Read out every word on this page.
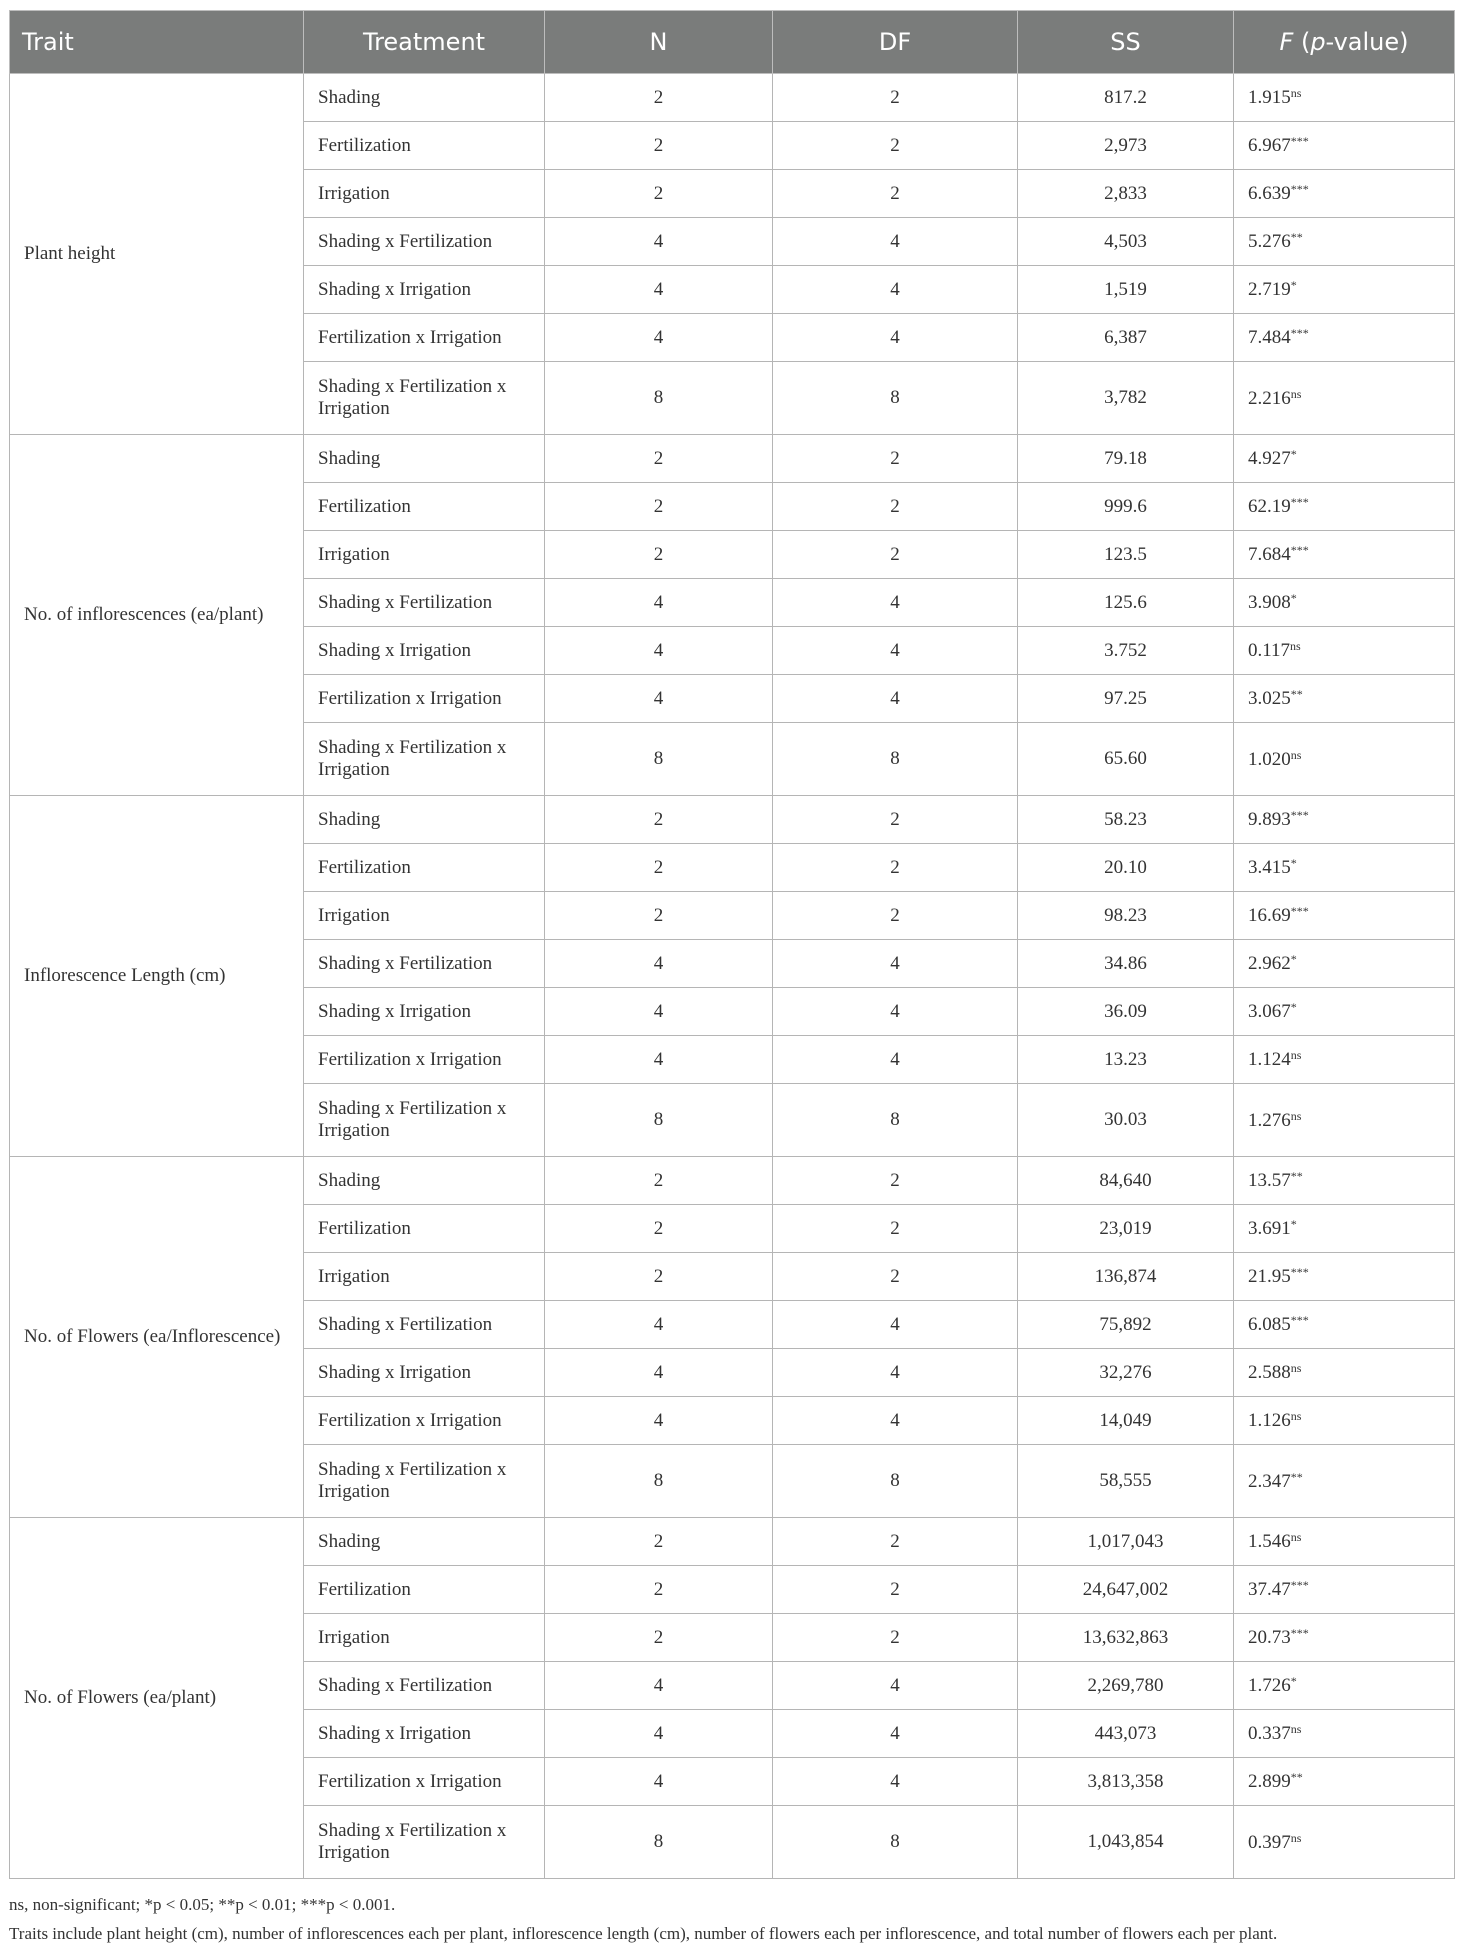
Trait	Treatment	N	DF	SS	F (p-value)
Plant height	Shading	2	2	817.2	$1.915^{ns}$
	Fertilization	2	2	2,973	6.967***
	Irrigation	2	2	2,833	6.639***
	Shading x Fertilization	4	4	4,503	5.276**
	Shading x Irrigation	4	4	1,519	2.719*
	Fertilization x Irrigation	4	4	6,387	7.484***
	Shading x Fertilization x Irrigation	8	8	3,782	$2.216^{ns}$
No. of inflorescences (ea/plant)	Shading	2	2	79.18	4.927*
	Fertilization	2	2	999.6	62.19***
	Irrigation	2	2	123.5	7.684***
	Shading x Fertilization	4	4	125.6	3.908*
	Shading x Irrigation	4	4	3.752	$0.117^{ns}$
	Fertilization x Irrigation	4	4	97.25	3.025**
	Shading x Fertilization x Irrigation	8	8	65.60	$1.020^{ns}$
Inflorescence Length (cm)	Shading	2	2	58.23	9.893***
	Fertilization	2	2	20.10	3.415*
	Irrigation	2	2	98.23	16.69***
	Shading x Fertilization	4	4	34.86	2.962*
	Shading x Irrigation	4	4	36.09	3.067*
	Fertilization x Irrigation	4	4	13.23	$1.124^{ns}$
	Shading x Fertilization x Irrigation	8	8	30.03	$1.276^{ns}$
No. of Flowers (ea/Inflorescence)	Shading	2	2	84,640	13.57**
	Fertilization	2	2	23,019	3.691*
	Irrigation	2	2	136,874	21.95***
	Shading x Fertilization	4	4	75,892	6.085***
	Shading x Irrigation	4	4	32,276	$2.588^{ns}$
	Fertilization x Irrigation	4	4	14,049	$1.126^{ns}$
	Shading x Fertilization x Irrigation	8	8	58,555	2.347**
No. of Flowers (ea/plant)	Shading	2	2	1,017,043	$1.546^{ns}$
	Fertilization	2	2	24,647,002	37.47***
	Irrigation	2	2	13,632,863	20.73***
	Shading x Fertilization	4	4	2,269,780	1.726*
	Shading x Irrigation	4	4	443,073	$0.337^{ns}$
	Fertilization x Irrigation	4	4	3,813,358	2.899**
	Shading x Fertilization x Irrigation	8	8	1,043,854	$0.397^{ns}$
ns, non-significant; *p < 0.05; **p < 0.01; ***p < 0.001.
Traits include plant height (cm), number of inflorescences each per plant, inflorescence length (cm), number of flowers each per inflorescence, and total number of flowers each per plant.
